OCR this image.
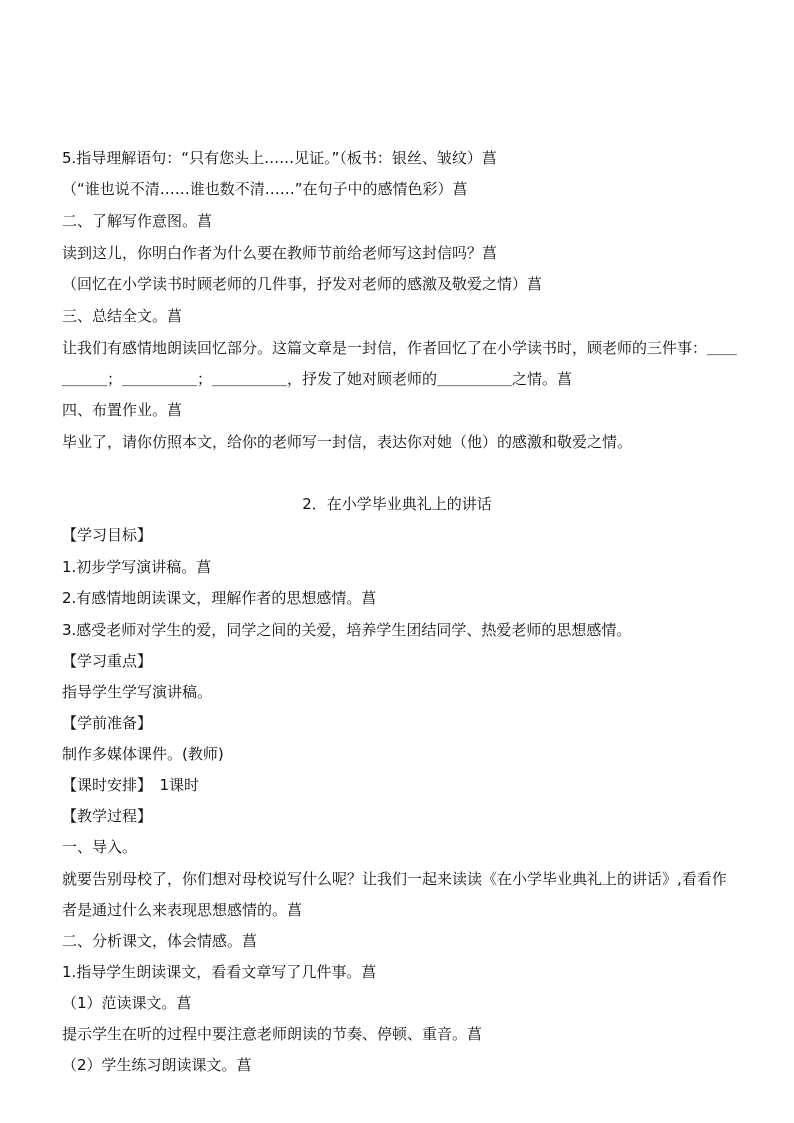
5.指导理解语句：“只有您头上……见证。”（板书：银丝、皱纹）菖
（“谁也说不清……谁也数不清……”在句子中的感情色彩）菖
二、了解写作意图。菖
读到这儿，你明白作者为什么要在教师节前给老师写这封信吗？菖
（回忆在小学读书时顾老师的几件事，抒发对老师的感激及敬爱之情）菖
三、总结全文。菖
让我们有感情地朗读回忆部分。这篇文章是一封信，作者回忆了在小学读书时，顾老师的三件事：＿＿
＿＿＿；＿＿＿＿＿；＿＿＿＿＿，抒发了她对顾老师的＿＿＿＿＿之情。菖
四、布置作业。菖
毕业了，请你仿照本文，给你的老师写一封信，表达你对她（他）的感激和敬爱之情。
2．在小学毕业典礼上的讲话
【学习目标】
1.初步学写演讲稿。菖
2.有感情地朗读课文，理解作者的思想感情。菖
3.感受老师对学生的爱，同学之间的关爱，培养学生团结同学、热爱老师的思想感情。
【学习重点】
指导学生学写演讲稿。
【学前准备】
制作多媒体课件。(教师)
【课时安排】　1课时
【教学过程】
一、导入。
就要告别母校了，你们想对母校说写什么呢？让我们一起来读读《在小学毕业典礼上的讲话》,看看作
者是通过什么来表现思想感情的。菖
二、分析课文，体会情感。菖
1.指导学生朗读课文，看看文章写了几件事。菖
（1）范读课文。菖
提示学生在听的过程中要注意老师朗读的节奏、停顿、重音。菖
（2）学生练习朗读课文。菖
